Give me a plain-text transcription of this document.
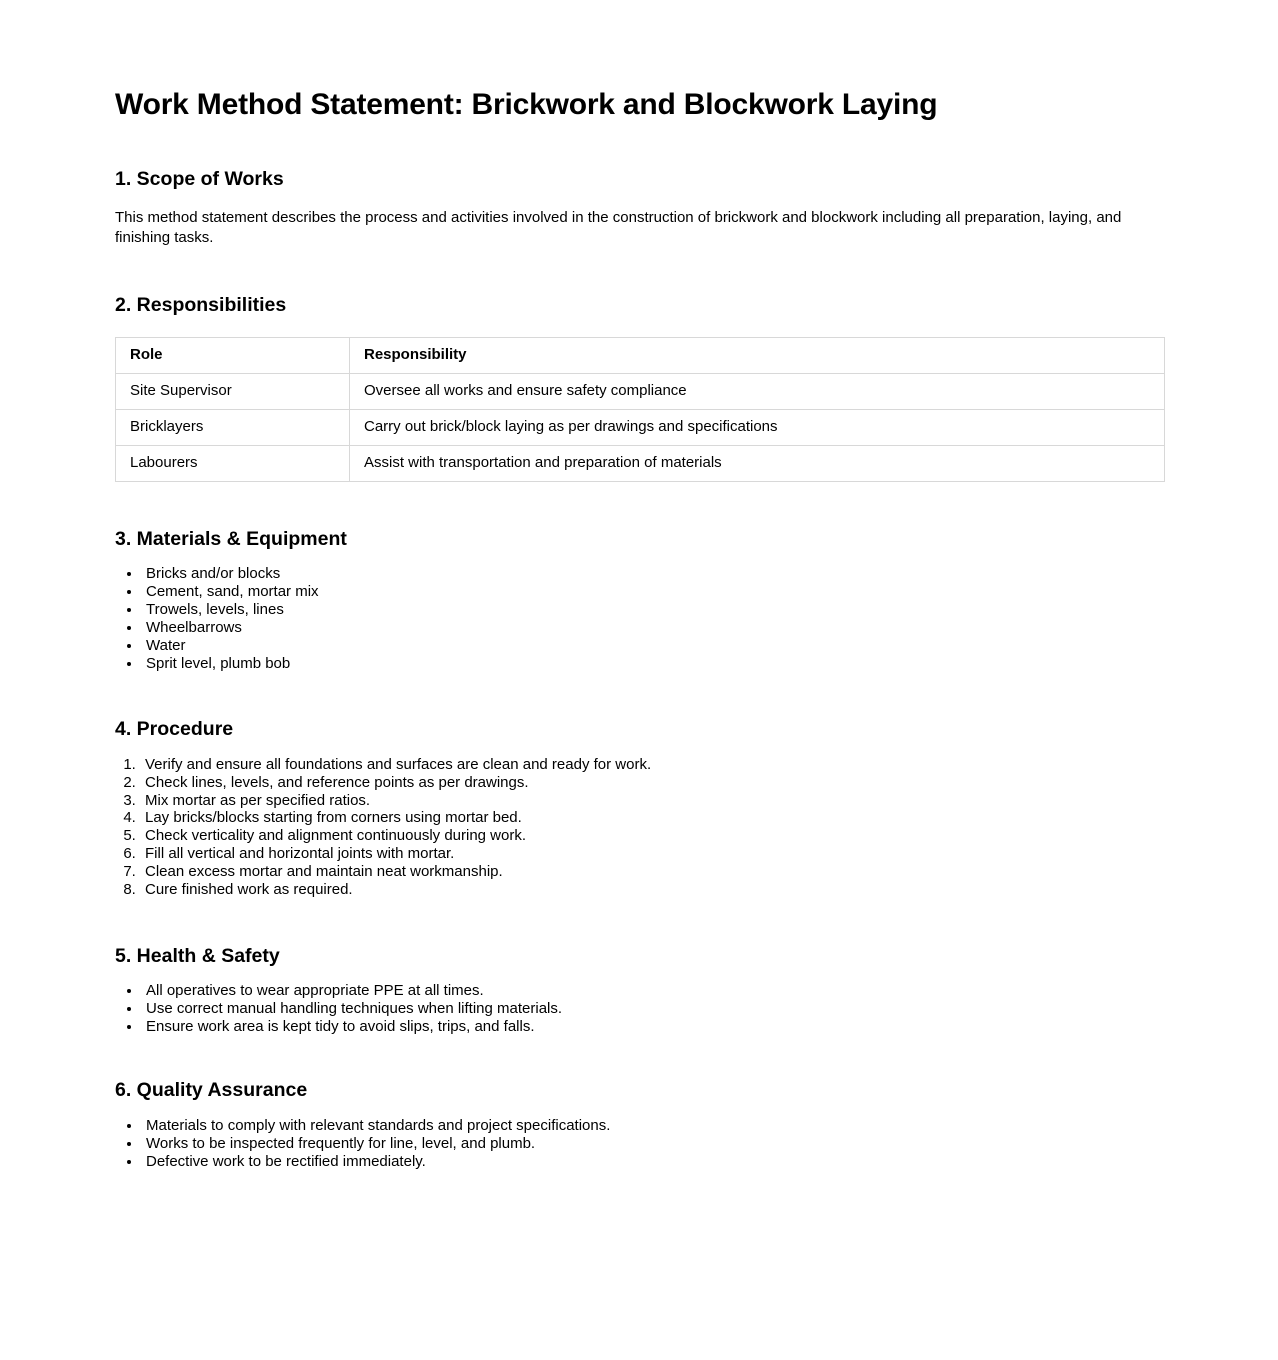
Work Method Statement: Brickwork and Blockwork Laying
1. Scope of Works

This method statement describes the process and activities involved in the construction of brickwork and blockwork including all preparation, laying, and finishing tasks.

2. Responsibilities
Role	Responsibility
Site Supervisor	Oversee all works and ensure safety compliance
Bricklayers	Carry out brick/block laying as per drawings and specifications
Labourers	Assist with transportation and preparation of materials
3. Materials & Equipment
• Bricks and/or blocks
• Cement, sand, mortar mix
• Trowels, levels, lines
• Wheelbarrows
• Water
• Sprit level, plumb bob
4. Procedure
1. Verify and ensure all foundations and surfaces are clean and ready for work.
2. Check lines, levels, and reference points as per drawings.
3. Mix mortar as per specified ratios.
4. Lay bricks/blocks starting from corners using mortar bed.
5. Check verticality and alignment continuously during work.
6. Fill all vertical and horizontal joints with mortar.
7. Clean excess mortar and maintain neat workmanship.
8. Cure finished work as required.
5. Health & Safety
• All operatives to wear appropriate PPE at all times.
• Use correct manual handling techniques when lifting materials.
• Ensure work area is kept tidy to avoid slips, trips, and falls.
6. Quality Assurance
• Materials to comply with relevant standards and project specifications.
• Works to be inspected frequently for line, level, and plumb.
• Defective work to be rectified immediately.
